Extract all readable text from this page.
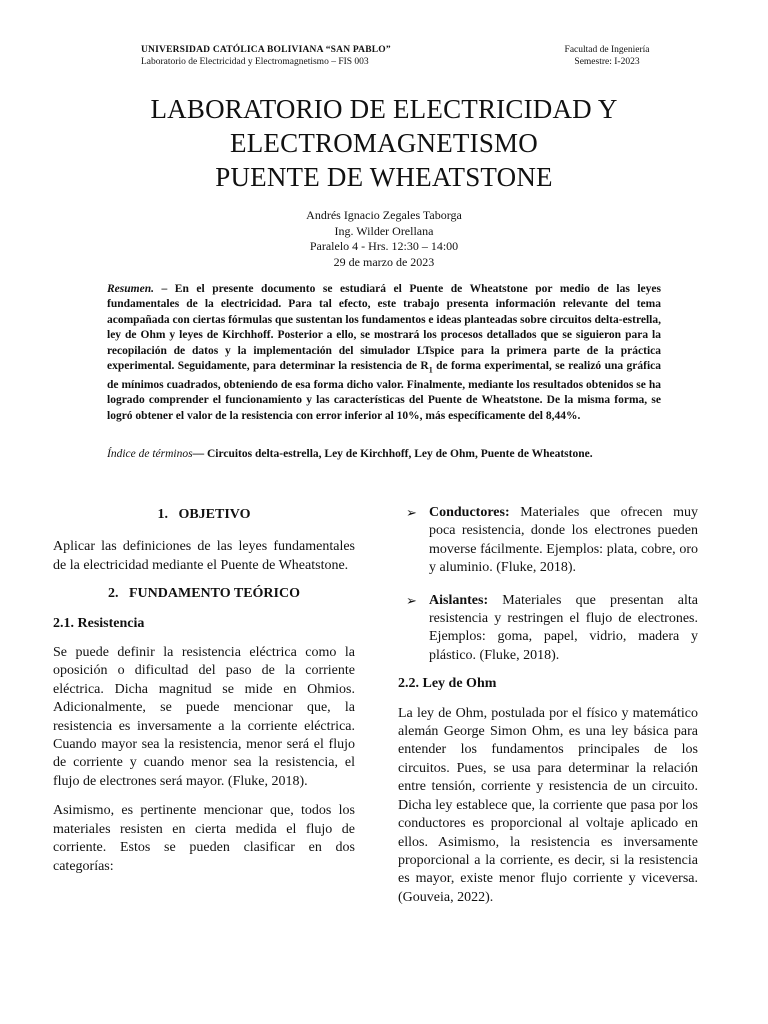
UNIVERSIDAD CATÓLICA BOLIVIANA “SAN PABLO”
Laboratorio de Electricidad y Electromagnetismo – FIS 003
Facultad de Ingeniería
Semestre: I-2023
LABORATORIO DE ELECTRICIDAD Y
ELECTROMAGNETISMO
PUENTE DE WHEATSTONE
Andrés Ignacio Zegales Taborga
Ing. Wilder Orellana
Paralelo 4 - Hrs. 12:30 – 14:00
29 de marzo de 2023
Resumen. – En el presente documento se estudiará el Puente de Wheatstone por medio de las leyes fundamentales de la electricidad. Para tal efecto, este trabajo presenta información relevante del tema acompañada con ciertas fórmulas que sustentan los fundamentos e ideas planteadas sobre circuitos delta-estrella, ley de Ohm y leyes de Kirchhoff. Posterior a ello, se mostrará los procesos detallados que se siguieron para la recopilación de datos y la implementación del simulador LTspice para la primera parte de la práctica experimental. Seguidamente, para determinar la resistencia de $R_1$ de forma experimental, se realizó una gráfica de mínimos cuadrados, obteniendo de esa forma dicho valor. Finalmente, mediante los resultados obtenidos se ha logrado comprender el funcionamiento y las características del Puente de Wheatstone. De la misma forma, se logró obtener el valor de la resistencia con error inferior al 10%, más específicamente del 8,44%.
Índice de términos— Circuitos delta-estrella, Ley de Kirchhoff, Ley de Ohm, Puente de Wheatstone.

1.   OBJETIVO

Aplicar las definiciones de las leyes fundamentales de la electricidad mediante el Puente de Wheatstone.

2.   FUNDAMENTO TEÓRICO

2.1. Resistencia

Se puede definir la resistencia eléctrica como la oposición o dificultad del paso de la corriente eléctrica. Dicha magnitud se mide en Ohmios. Adicionalmente, se puede mencionar que, la resistencia es inversamente a la corriente eléctrica. Cuando mayor sea la resistencia, menor será el flujo de corriente y cuando menor sea la resistencia, el flujo de electrones será mayor. (Fluke, 2018).

Asimismo, es pertinente mencionar que, todos los materiales resisten en cierta medida el flujo de corriente. Estos se pueden clasificar en dos categorías:

➢ Conductores: Materiales que ofrecen muy poca resistencia, donde los electrones pueden moverse fácilmente. Ejemplos: plata, cobre, oro y aluminio. (Fluke, 2018).

➢ Aislantes: Materiales que presentan alta resistencia y restringen el flujo de electrones. Ejemplos: goma, papel, vidrio, madera y plástico. (Fluke, 2018).

2.2. Ley de Ohm

La ley de Ohm, postulada por el físico y matemático alemán George Simon Ohm, es una ley básica para entender los fundamentos principales de los circuitos. Pues, se usa para determinar la relación entre tensión, corriente y resistencia de un circuito. Dicha ley establece que, la corriente que pasa por los conductores es proporcional al voltaje aplicado en ellos. Asimismo, la resistencia es inversamente proporcional a la corriente, es decir, si la resistencia es mayor, existe menor flujo corriente y viceversa. (Gouveia, 2022).
